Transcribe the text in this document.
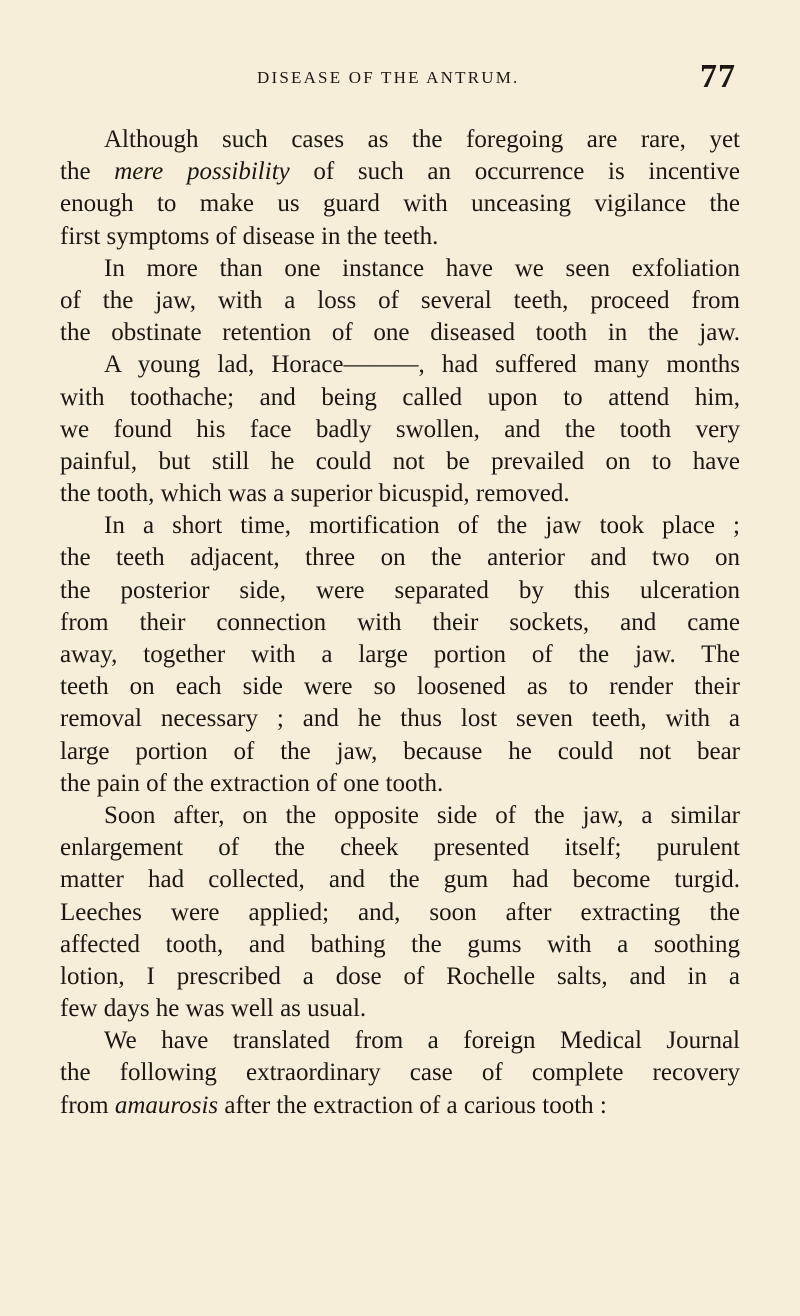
DISEASE OF THE ANTRUM.	77
Although such cases as the foregoing are rare, yet
the mere possibility of such an occurrence is incentive
enough to make us guard with unceasing vigilance the
first symptoms of disease in the teeth.
In more than one instance have we seen exfoliation
of the jaw, with a loss of several teeth, proceed from
the obstinate retention of one diseased tooth in the jaw.
A young lad, Horace———, had suffered many months
with toothache; and being called upon to attend him,
we found his face badly swollen, and the tooth very
painful, but still he could not be prevailed on to have
the tooth, which was a superior bicuspid, removed.
In a short time, mortification of the jaw took place ;
the teeth adjacent, three on the anterior and two on
the posterior side, were separated by this ulceration
from their connection with their sockets, and came
away, together with a large portion of the jaw. The
teeth on each side were so loosened as to render their
removal necessary ; and he thus lost seven teeth, with a
large portion of the jaw, because he could not bear
the pain of the extraction of one tooth.
Soon after, on the opposite side of the jaw, a similar
enlargement of the cheek presented itself; purulent
matter had collected, and the gum had become turgid.
Leeches were applied; and, soon after extracting the
affected tooth, and bathing the gums with a soothing
lotion, I prescribed a dose of Rochelle salts, and in a
few days he was well as usual.
We have translated from a foreign Medical Journal
the following extraordinary case of complete recovery
from amaurosis after the extraction of a carious tooth :
